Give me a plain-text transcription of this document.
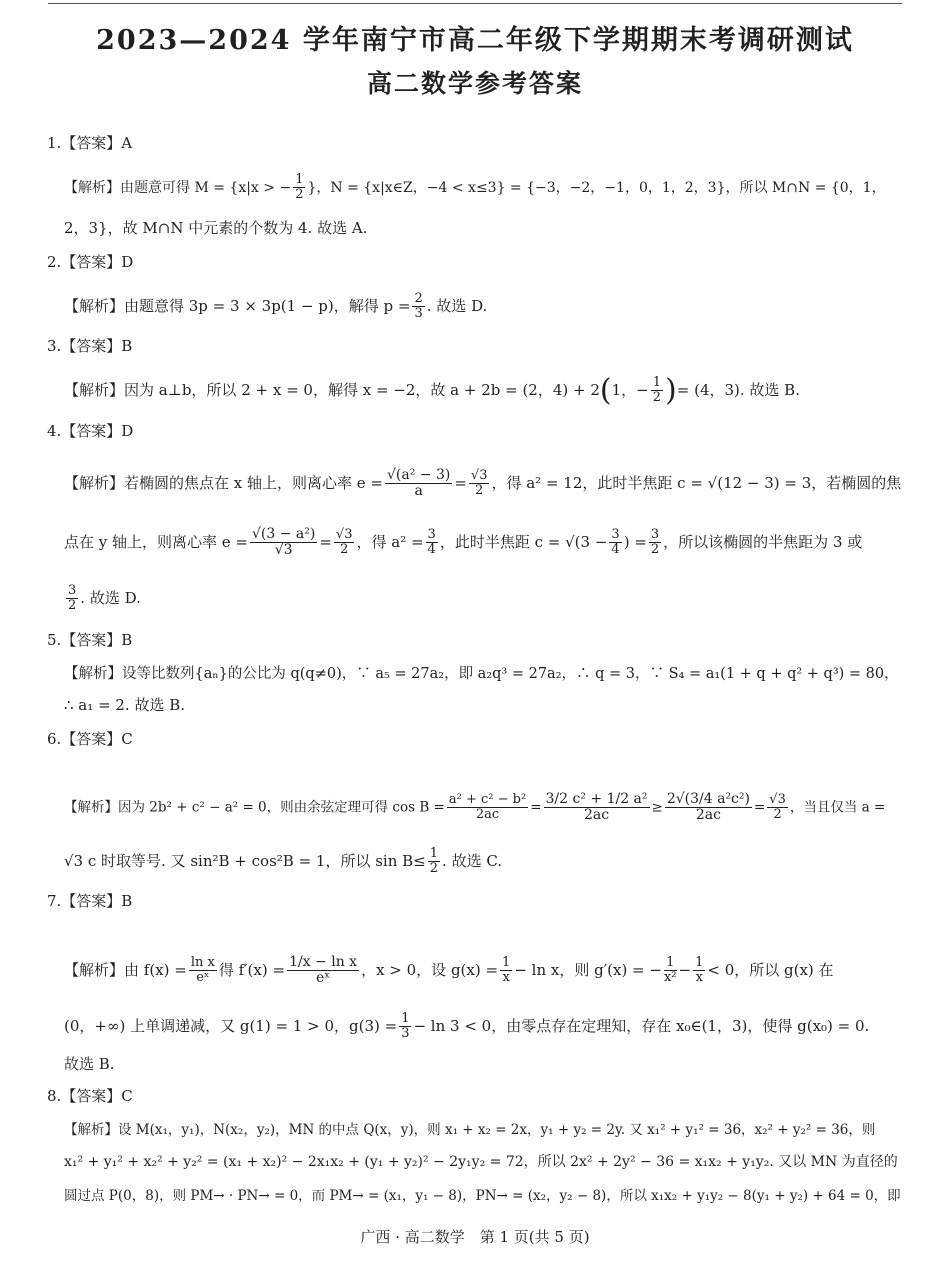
2023—2024 学年南宁市高二年级下学期期末考调研测试
高二数学参考答案
1.【答案】A
【解析】由题意可得 M = {x|x > − $\frac{1}{2}$ }，N = {x|x∈Z，−4 < x≤3} = {−3，−2，−1，0，1，2，3}，所以 M∩N = {0，1，
2，3}，故 M∩N 中元素的个数为 4. 故选 A.
2.【答案】D
【解析】由题意得 3p = 3 × 3p(1 − p)，解得 $p = \frac{2}{3}$ . 故选 D.
3.【答案】B
【解析】因为 a⊥b，所以 2 + x = 0，解得 x = −2，故 a + 2b = (2，4) + 2(1，− $\frac{1}{2}$ )= (4，3). 故选 B.
4.【答案】D
【解析】若椭圆的焦点在 x 轴上，则离心率 $e = \frac{\text{√(a² − 3)}}{a} = \frac{√3}{2}$ ，得 a² = 12，此时半焦距 c = √(12 − 3) = 3，若椭圆的焦
点在 y 轴上，则离心率 $e = \frac{\text{√(3 − a²)}}{√3} = \frac{√3}{2}$ ，得 $a^2 = \frac{3}{4}$ ，此时半焦距 $c = √(3 - \frac{3}{4}$ ) = $\frac{3}{2}$ ，所以该椭圆的半焦距为 3 或
$\frac{3}{2}$ . 故选 D.
5.【答案】B
【解析】设等比数列{aₙ}的公比为 q(q≠0)，∵ a₅ = 27a₂，即 a₂q³ = 27a₂，∴ q = 3，∵ S₄ = a₁(1 + q + q² + q³) = 80，
∴ a₁ = 2. 故选 B.
6.【答案】C
【解析】因为 2b² + c² − a² = 0，则由余弦定理可得 $\cos B = \frac{\text{a² + c² − b²}}{2ac} = \frac{\text{3/2 c² + 1/2 a²}}{2ac} \ge \frac{\text{2√(3/4 a²c²)}}{2ac} = \frac{√3}{2}$ ，当且仅当 a =
√3 c 时取等号. 又 sin²B + cos²B = 1，所以 $\sin B\le \frac{1}{2}$ . 故选 C.
7.【答案】B
【解析】由 $f(x) = \frac{\text{ln x}}{\text{eˣ}}$ 得 $f'(x) = \frac{\text{1/x − ln x}}{\text{eˣ}}$ ，x > 0，设 $g(x) = \frac{1}{x} - \ln x$，则 g′(x) = − $\frac{1}{\text{x²}} - \frac{1}{x} < 0$，所以 g(x) 在
(0，+∞) 上单调递减，又 g(1) = 1 > 0，$g(3) = \frac{1}{3} - \ln 3 < 0$，由零点存在定理知，存在 x₀∈(1，3)，使得 g(x₀) = 0.
故选 B.
8.【答案】C
【解析】设 M(x₁，y₁)，N(x₂，y₂)，MN 的中点 Q(x，y)，则 x₁ + x₂ = 2x，y₁ + y₂ = 2y. 又 x₁² + y₁² = 36，x₂² + y₂² = 36，则
x₁² + y₁² + x₂² + y₂² = (x₁ + x₂)² − 2x₁x₂ + (y₁ + y₂)² − 2y₁y₂ = 72，所以 2x² + 2y² − 36 = x₁x₂ + y₁y₂. 又以 MN 为直径的
圆过点 P(0，8)，则 PM→ · PN→ = 0，而 PM→ = (x₁，y₁ − 8)，PN→ = (x₂，y₂ − 8)，所以 x₁x₂ + y₁y₂ − 8(y₁ + y₂) + 64 = 0，即
广西 · 高二数学　第 1 页(共 5 页)
